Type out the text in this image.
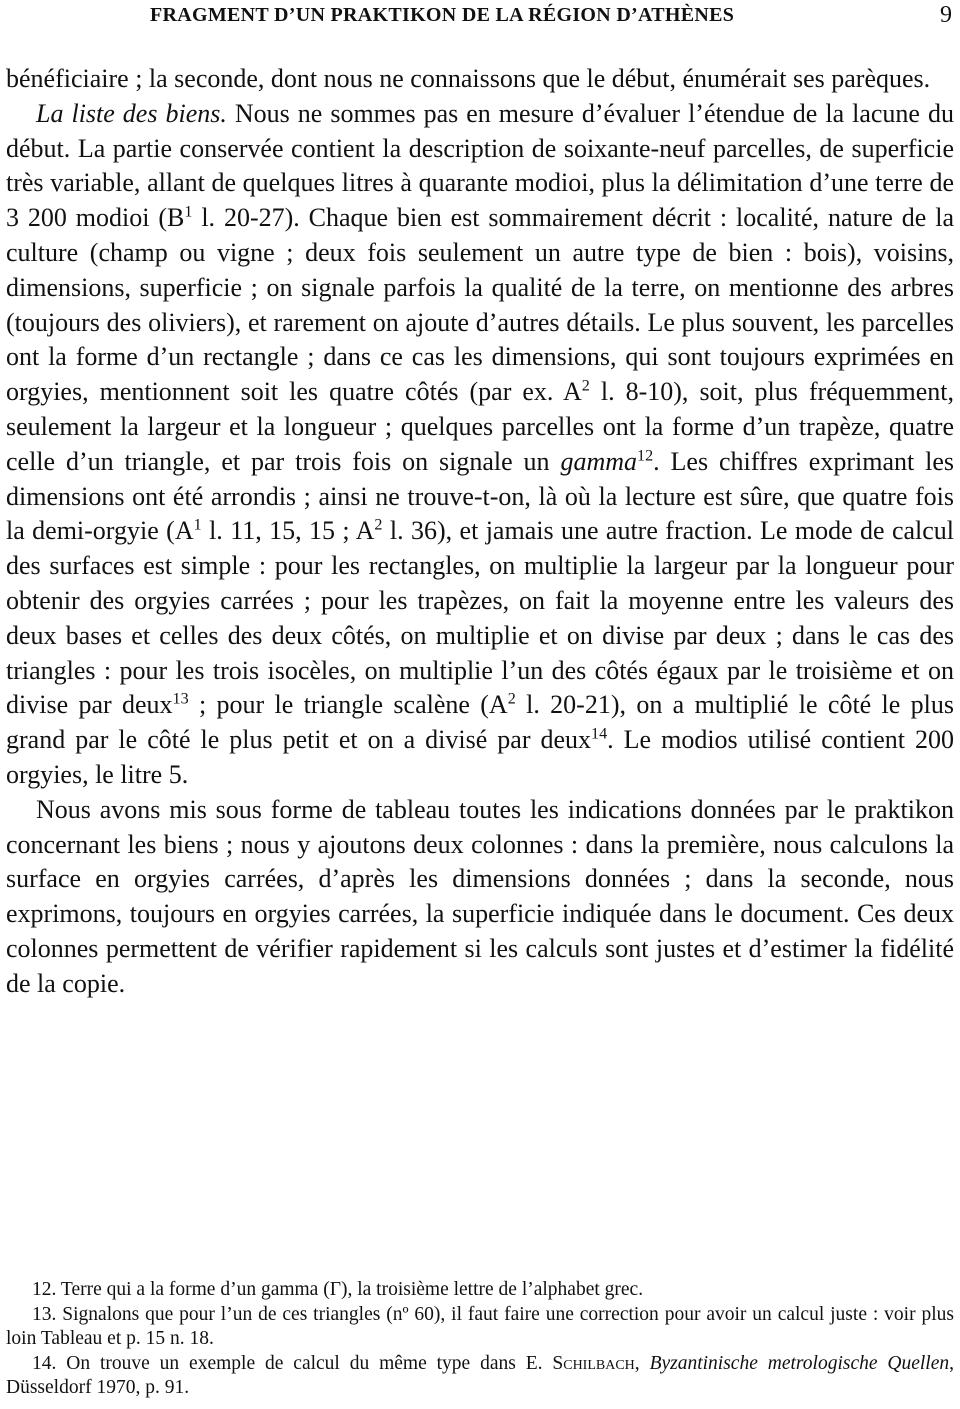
FRAGMENT D’UN PRAKTIKON DE LA RÉGION D’ATHÈNES	9

bénéficiaire ; la seconde, dont nous ne connaissons que le début, énumérait ses parèques.

La liste des biens. Nous ne sommes pas en mesure d’évaluer l’étendue de la lacune du début. La partie conservée contient la description de soixante-neuf parcelles, de superficie très variable, allant de quelques litres à quarante modioi, plus la délimitation d’une terre de 3 200 modioi ($B^1$ l. 20-27). Chaque bien est sommairement décrit : localité, nature de la culture (champ ou vigne ; deux fois seulement un autre type de bien : bois), voisins, dimensions, superficie ; on signale parfois la qualité de la terre, on mentionne des arbres (toujours des oliviers), et rarement on ajoute d’autres détails. Le plus souvent, les parcelles ont la forme d’un rectangle ; dans ce cas les dimensions, qui sont toujours exprimées en orgyies, mentionnent soit les quatre côtés (par ex. $A^2$ l. 8-10), soit, plus fréquemment, seulement la largeur et la longueur ; quelques parcelles ont la forme d’un trapèze, quatre celle d’un triangle, et par trois fois on signale un gamma$^{12}$. Les chiffres exprimant les dimensions ont été arrondis ; ainsi ne trouve-t-on, là où la lecture est sûre, que quatre fois la demi-orgyie ($A^1$ l. 11, 15, 15 ; $A^2$ l. 36), et jamais une autre fraction. Le mode de calcul des surfaces est simple : pour les rectangles, on multiplie la largeur par la longueur pour obtenir des orgyies carrées ; pour les trapèzes, on fait la moyenne entre les valeurs des deux bases et celles des deux côtés, on multiplie et on divise par deux ; dans le cas des triangles : pour les trois isocèles, on multiplie l’un des côtés égaux par le troisième et on divise par deux$^{13}$ ; pour le triangle scalène ($A^2$ l. 20-21), on a multiplié le côté le plus grand par le côté le plus petit et on a divisé par deux$^{14}$. Le modios utilisé contient 200 orgyies, le litre 5.

Nous avons mis sous forme de tableau toutes les indications données par le praktikon concernant les biens ; nous y ajoutons deux colonnes : dans la première, nous calculons la surface en orgyies carrées, d’après les dimensions données ; dans la seconde, nous exprimons, toujours en orgyies carrées, la superficie indiquée dans le document. Ces deux colonnes permettent de vérifier rapidement si les calculs sont justes et d’estimer la fidélité de la copie.

12. Terre qui a la forme d’un gamma (Γ), la troisième lettre de l’alphabet grec.

13. Signalons que pour l’un de ces triangles (nº 60), il faut faire une correction pour avoir un calcul juste : voir plus loin Tableau et p. 15 n. 18.

14. On trouve un exemple de calcul du même type dans E. Schilbach, Byzantinische metrologische Quellen, Düsseldorf 1970, p. 91.
